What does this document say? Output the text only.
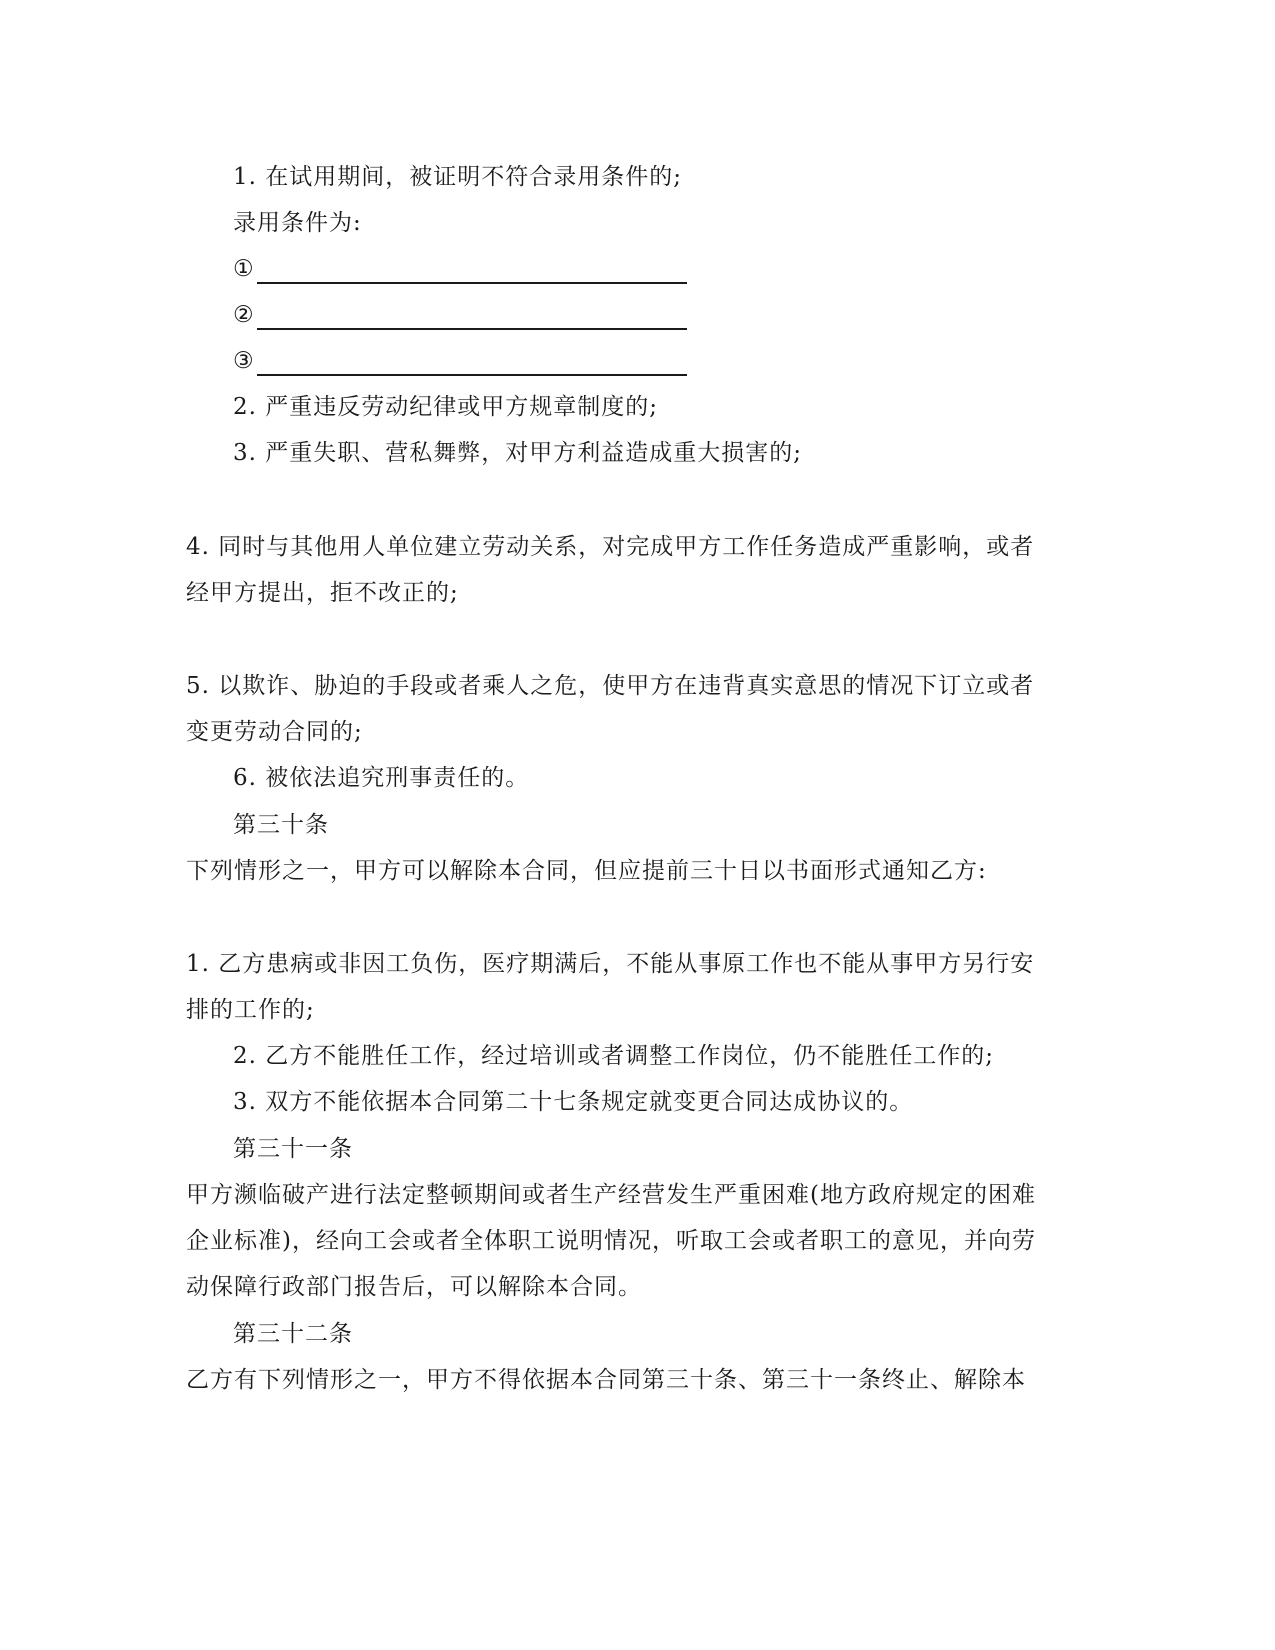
1. 在试用期间，被证明不符合录用条件的;
录用条件为:
①
②
③
2. 严重违反劳动纪律或甲方规章制度的;
3. 严重失职、营私舞弊，对甲方利益造成重大损害的;
4. 同时与其他用人单位建立劳动关系，对完成甲方工作任务造成严重影响，或者
经甲方提出，拒不改正的;
5. 以欺诈、胁迫的手段或者乘人之危，使甲方在违背真实意思的情况下订立或者
变更劳动合同的;
6. 被依法追究刑事责任的。
第三十条
下列情形之一，甲方可以解除本合同，但应提前三十日以书面形式通知乙方:
1. 乙方患病或非因工负伤，医疗期满后，不能从事原工作也不能从事甲方另行安
排的工作的;
2. 乙方不能胜任工作，经过培训或者调整工作岗位，仍不能胜任工作的;
3. 双方不能依据本合同第二十七条规定就变更合同达成协议的。
第三十一条
甲方濒临破产进行法定整顿期间或者生产经营发生严重困难(地方政府规定的困难
企业标准)，经向工会或者全体职工说明情况，听取工会或者职工的意见，并向劳
动保障行政部门报告后，可以解除本合同。
第三十二条
乙方有下列情形之一，甲方不得依据本合同第三十条、第三十一条终止、解除本
